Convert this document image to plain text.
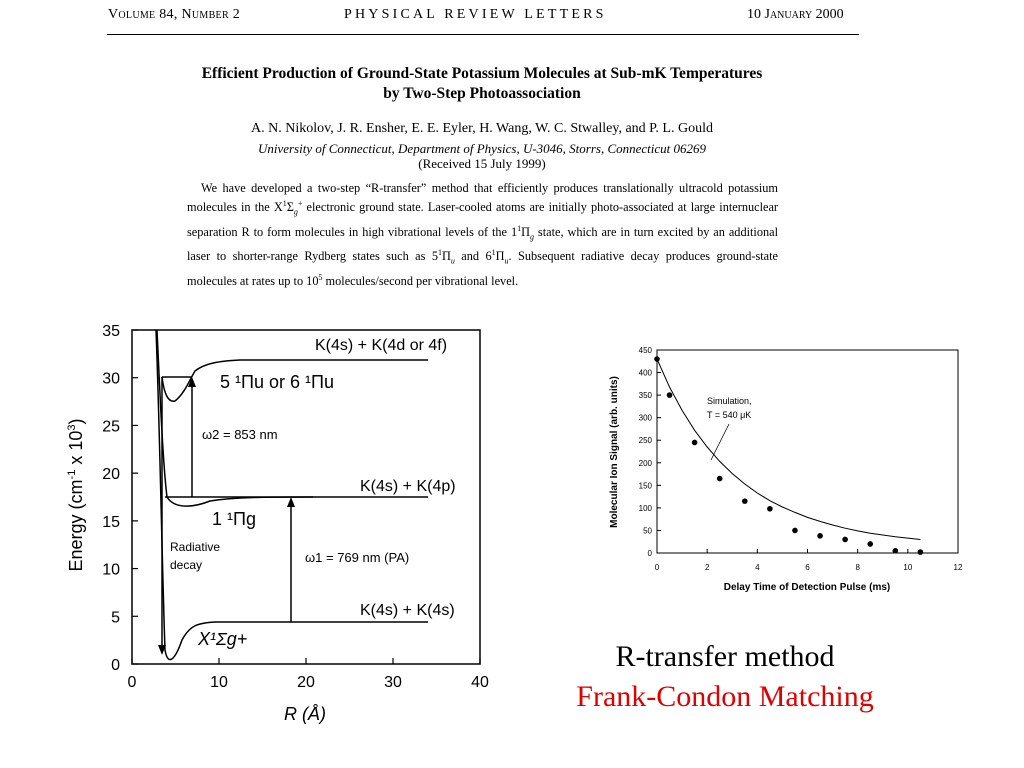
Volume 84, Number 2	PHYSICAL REVIEW LETTERS	10 January 2000
Efficient Production of Ground-State Potassium Molecules at Sub-mK Temperatures
by Two-Step Photoassociation
A. N. Nikolov, J. R. Ensher, E. E. Eyler, H. Wang, W. C. Stwalley, and P. L. Gould
University of Connecticut, Department of Physics, U-3046, Storrs, Connecticut 06269
(Received 15 July 1999)
We have developed a two-step “R-transfer” method that efficiently produces translationally ultracold potassium molecules in the $X^1\Sigma_g^+$ electronic ground state. Laser-cooled atoms are initially photo-associated at large internuclear separation R to form molecules in high vibrational levels of the $1^1\Pi_g$ state, which are in turn excited by an additional laser to shorter-range Rydberg states such as $5^1\Pi_u$ and $6^1\Pi_u$. Subsequent radiative decay produces ground-state molecules at rates up to $10^5$ molecules/second per vibrational level.
0
5
10
15
20
25
30
35
0	10	20	30	40
Energy ($cm^{-1}$ x $10^3$)
R (Å)
K(4s) + K(4d or 4f)
K(4s) + K(4p)
K(4s) + K(4s)
5 ¹Πu or 6 ¹Πu
1 ¹Πg
X¹Σg+
ω2 = 853 nm
ω1 = 769 nm (PA)
Radiative
decay
0
50
100
150
200
250
300
350
400
450
0	2	4	6	8	10	12
Molecular Ion Signal (arb. units)
Delay Time of Detection Pulse (ms)
Simulation,
T = 540 μK
R-transfer method
Frank-Condon Matching
